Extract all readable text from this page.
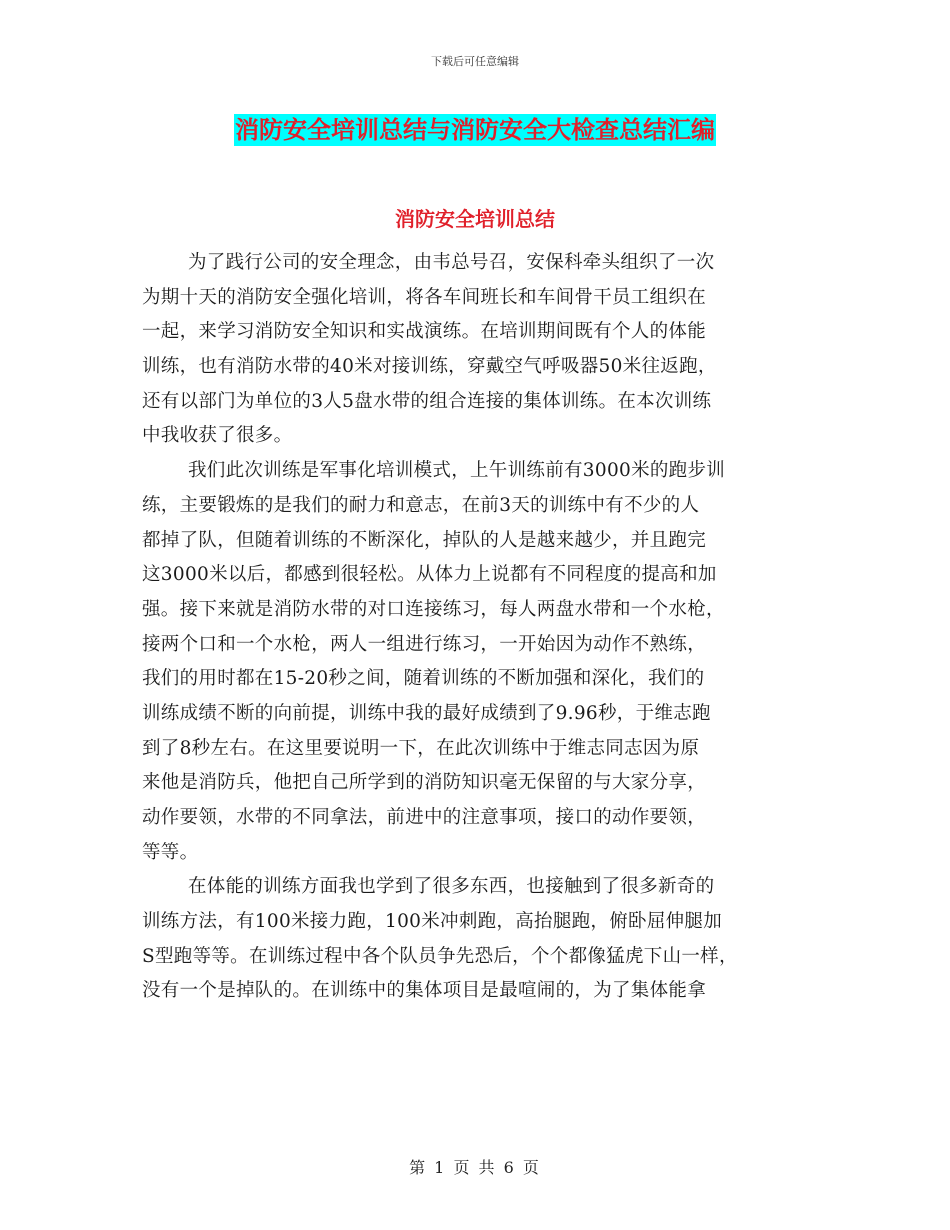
下载后可任意编辑
消防安全培训总结与消防安全大检查总结汇编
消防安全培训总结
为了践行公司的安全理念，由韦总号召，安保科牵头组织了一次
为期十天的消防安全强化培训，将各车间班长和车间骨干员工组织在
一起，来学习消防安全知识和实战演练。在培训期间既有个人的体能
训练，也有消防水带的40米对接训练，穿戴空气呼吸器50米往返跑，
还有以部门为单位的3人5盘水带的组合连接的集体训练。在本次训练
中我收获了很多。
我们此次训练是军事化培训模式，上午训练前有3000米的跑步训
练，主要锻炼的是我们的耐力和意志，在前3天的训练中有不少的人
都掉了队，但随着训练的不断深化，掉队的人是越来越少，并且跑完
这3000米以后，都感到很轻松。从体力上说都有不同程度的提高和加
强。接下来就是消防水带的对口连接练习，每人两盘水带和一个水枪，
接两个口和一个水枪，两人一组进行练习，一开始因为动作不熟练，
我们的用时都在15-20秒之间，随着训练的不断加强和深化，我们的
训练成绩不断的向前提，训练中我的最好成绩到了9.96秒，于维志跑
到了8秒左右。在这里要说明一下，在此次训练中于维志同志因为原
来他是消防兵，他把自己所学到的消防知识毫无保留的与大家分享，
动作要领，水带的不同拿法，前进中的注意事项，接口的动作要领，
等等。
在体能的训练方面我也学到了很多东西，也接触到了很多新奇的
训练方法，有100米接力跑，100米冲刺跑，高抬腿跑，俯卧屈伸腿加
S型跑等等。在训练过程中各个队员争先恐后，个个都像猛虎下山一样，
没有一个是掉队的。在训练中的集体项目是最喧闹的，为了集体能拿
第 1 页 共 6 页
